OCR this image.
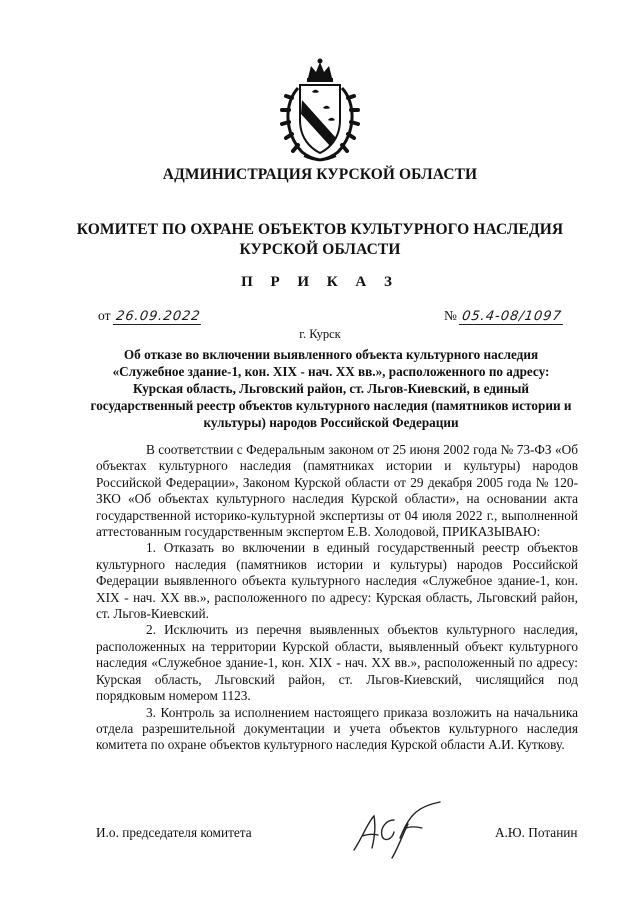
АДМИНИСТРАЦИЯ КУРСКОЙ ОБЛАСТИ
КОМИТЕТ ПО ОХРАНЕ ОБЪЕКТОВ КУЛЬТУРНОГО НАСЛЕДИЯ
КУРСКОЙ ОБЛАСТИ
П Р И К А З
от 26.09.2022	№ 05.4-08/1097
г. Курск
Об отказе во включении выявленного объекта культурного наследия «Служебное здание-1, кон. XIX - нач. XX вв.», расположенного по адресу: Курская область, Льговский район, ст. Льгов-Киевский, в единый государственный реестр объектов культурного наследия (памятников истории и культуры) народов Российской Федерации

В соответствии с Федеральным законом от 25 июня 2002 года № 73-ФЗ «Об объектах культурного наследия (памятниках истории и культуры) народов Российской Федерации», Законом Курской области от 29 декабря 2005 года № 120-ЗКО «Об объектах культурного наследия Курской области», на основании акта государственной историко-культурной экспертизы от 04 июля 2022 г., выполненной аттестованным государственным экспертом Е.В. Холодовой, ПРИКАЗЫВАЮ:

1. Отказать во включении в единый государственный реестр объектов культурного наследия (памятников истории и культуры) народов Российской Федерации выявленного объекта культурного наследия «Служебное здание-1, кон. XIX - нач. XX вв.», расположенного по адресу: Курская область, Льговский район, ст. Льгов-Киевский.

2. Исключить из перечня выявленных объектов культурного наследия, расположенных на территории Курской области, выявленный объект культурного наследия «Служебное здание-1, кон. XIX - нач. XX вв.», расположенный по адресу: Курская область, Льговский район, ст. Льгов-Киевский, числящийся под порядковым номером 1123.

3. Контроль за исполнением настоящего приказа возложить на начальника отдела разрешительной документации и учета объектов культурного наследия комитета по охране объектов культурного наследия Курской области А.И. Куткову.

И.о. председателя комитета	А.Ю. Потанин
